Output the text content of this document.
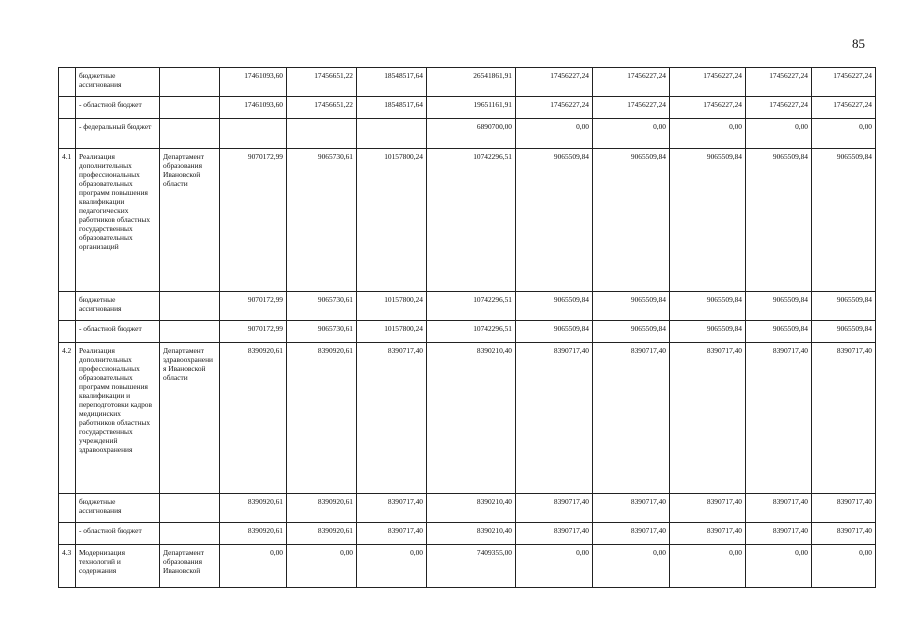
85
	бюджетные ассигнования		17461093,60	17456651,22	18548517,64	26541861,91	17456227,24	17456227,24	17456227,24	17456227,24	17456227,24
	- областной бюджет		17461093,60	17456651,22	18548517,64	19651161,91	17456227,24	17456227,24	17456227,24	17456227,24	17456227,24
	- федеральный бюджет					6890700,00	0,00	0,00	0,00	0,00	0,00
4.1	Реализация дополнительных профессиональных образовательных программ повышения квалификации педагогических работников областных государственных образовательных организаций	Департамент образования Ивановской области	9070172,99	9065730,61	10157800,24	10742296,51	9065509,84	9065509,84	9065509,84	9065509,84	9065509,84
	бюджетные ассигнования		9070172,99	9065730,61	10157800,24	10742296,51	9065509,84	9065509,84	9065509,84	9065509,84	9065509,84
	- областной бюджет		9070172,99	9065730,61	10157800,24	10742296,51	9065509,84	9065509,84	9065509,84	9065509,84	9065509,84
4.2	Реализация дополнительных профессиональных образовательных программ повышения квалификации и переподготовки кадров медицинских работников областных государственных учреждений здравоохранения	Департамент здравоохранения Ивановской области	8390920,61	8390920,61	8390717,40	8390210,40	8390717,40	8390717,40	8390717,40	8390717,40	8390717,40
	бюджетные ассигнования		8390920,61	8390920,61	8390717,40	8390210,40	8390717,40	8390717,40	8390717,40	8390717,40	8390717,40
	- областной бюджет		8390920,61	8390920,61	8390717,40	8390210,40	8390717,40	8390717,40	8390717,40	8390717,40	8390717,40
4.3	Модернизация технологий и содержания	Департамент образования Ивановской	0,00	0,00	0,00	7409355,00	0,00	0,00	0,00	0,00	0,00
